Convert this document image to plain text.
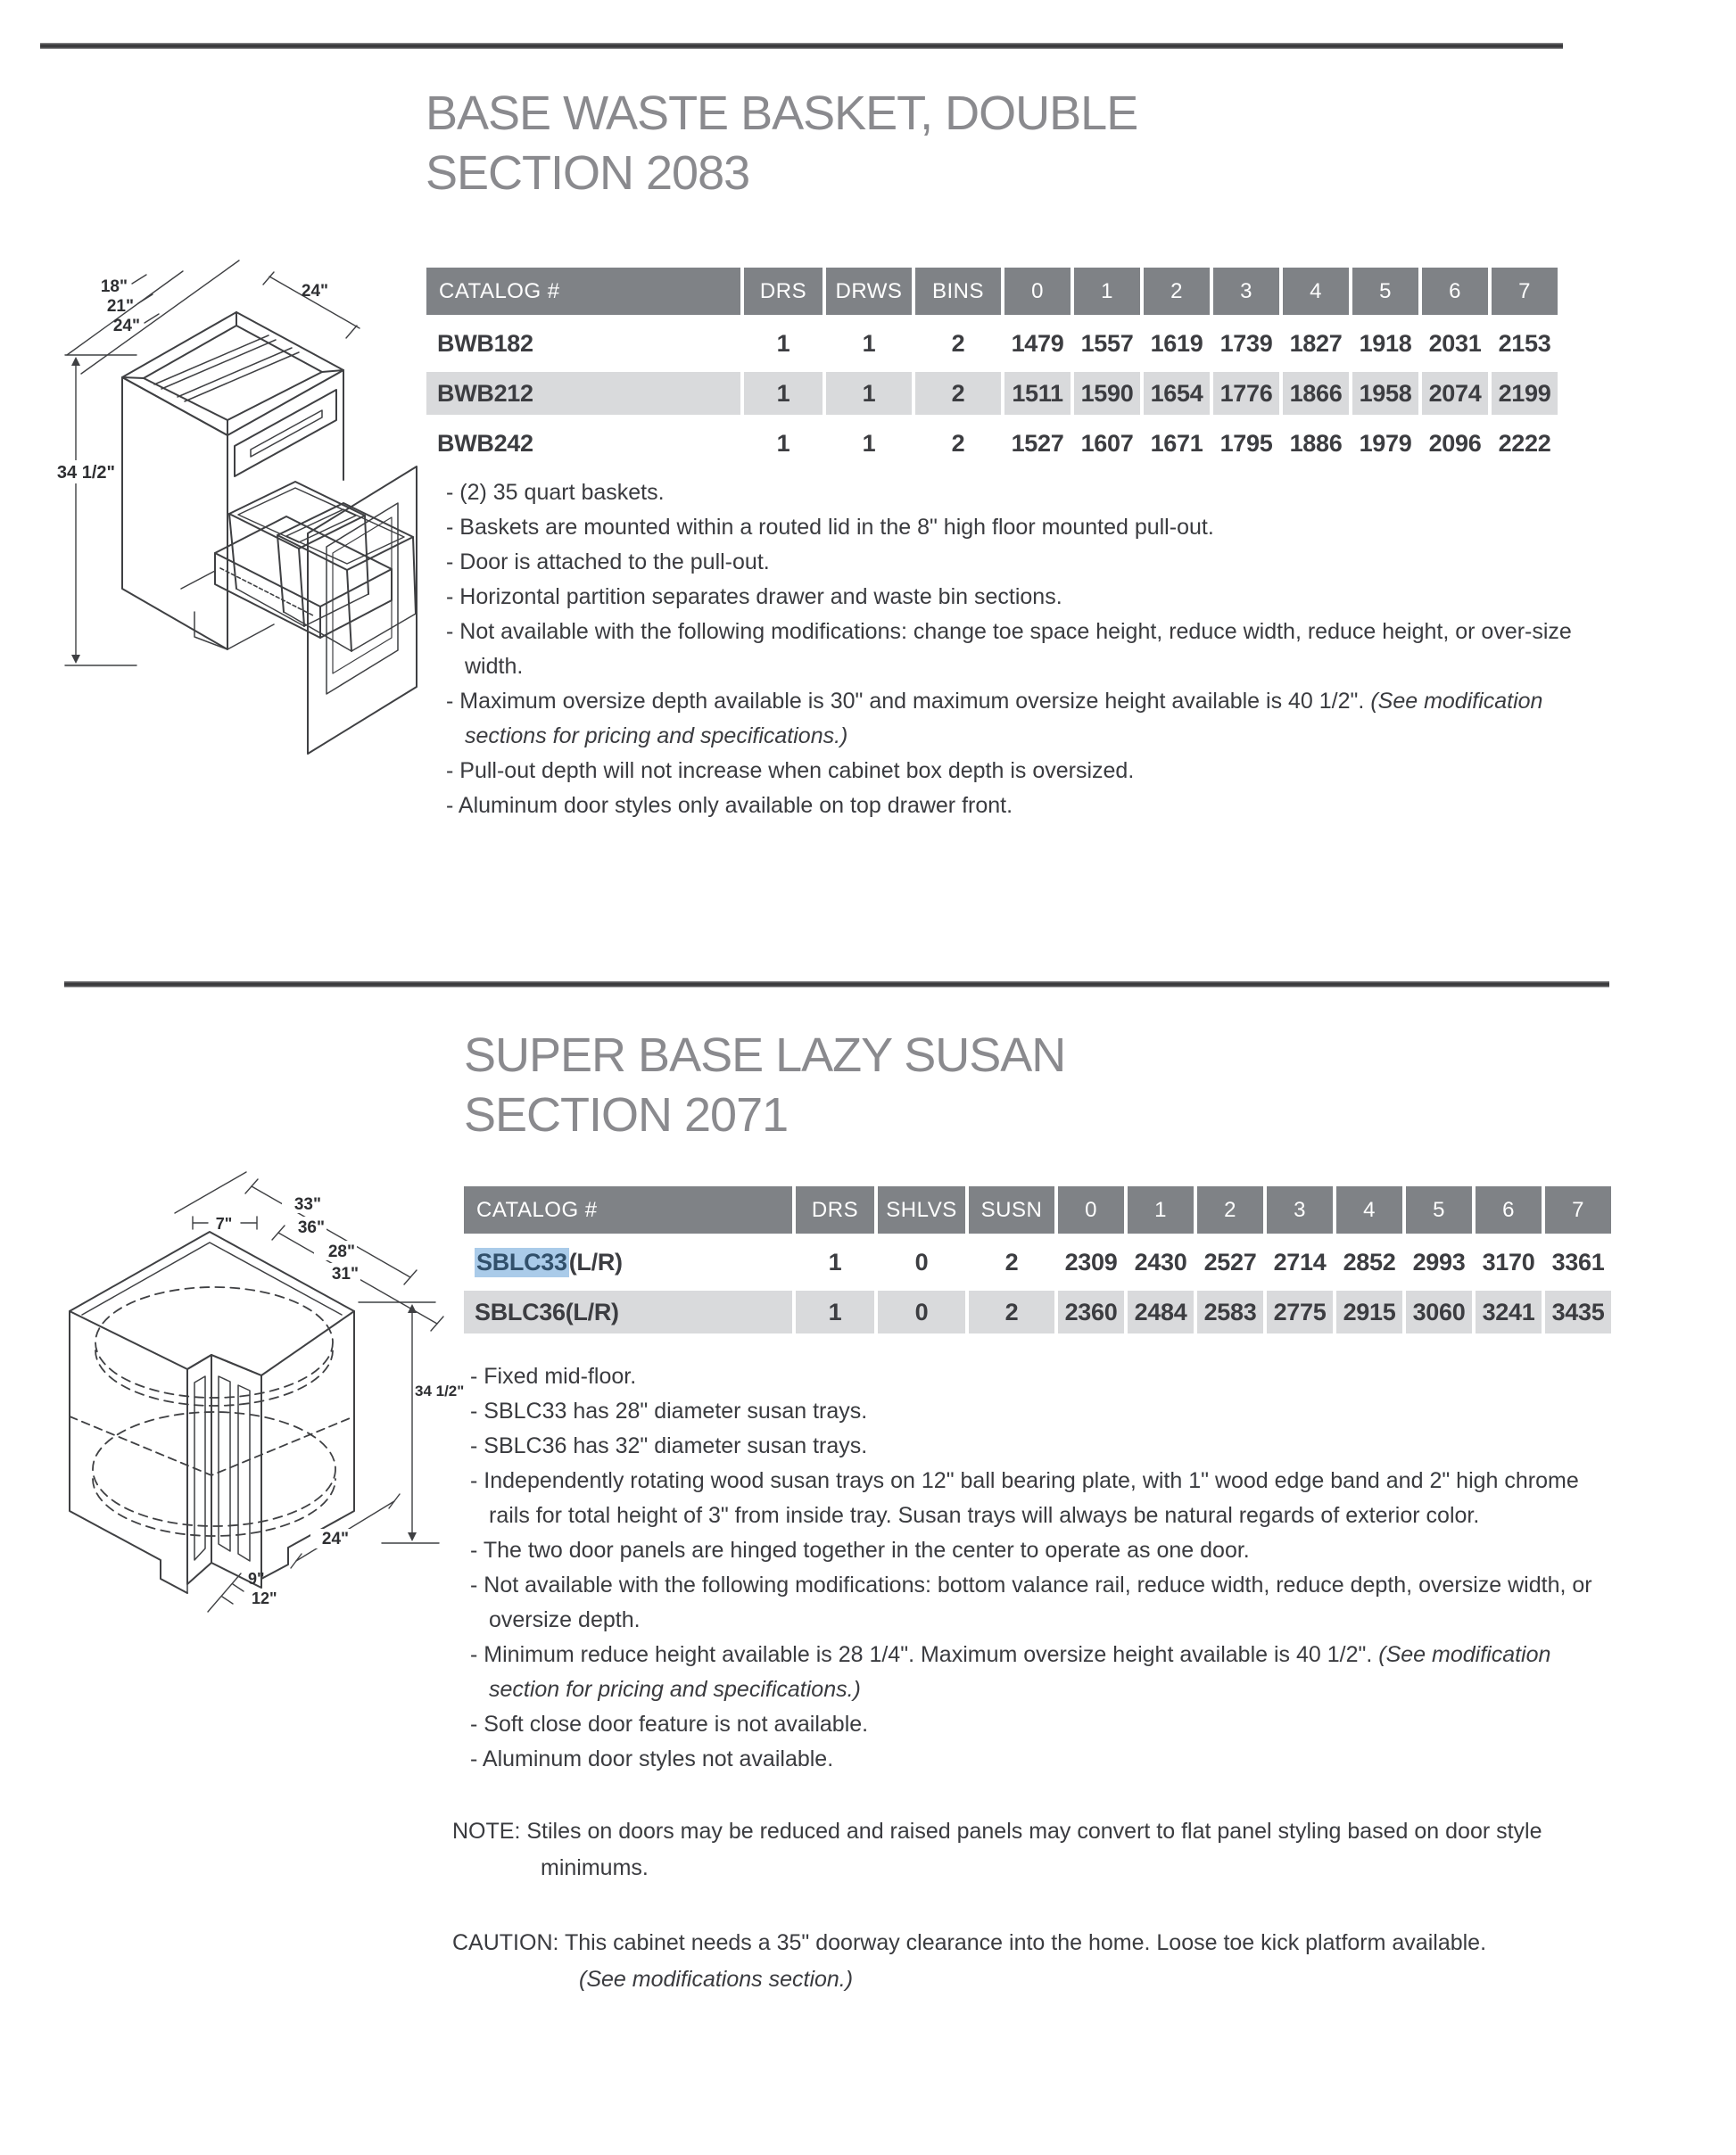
BASE WASTE BASKET, DOUBLE
SECTION 2083
18"
21"
24"
24"
34 1/2"
CATALOG #	DRS	DRWS	BINS	0	1	2	3	4	5	6	7
BWB182	1	1	2	1479 1557 1619 1739 1827 1918 2031 2153
BWB212	1	1	2	1511 1590 1654 1776 1866 1958 2074 2199
BWB242	1	1	2	1527 1607 1671 1795 1886 1979 2096 2222
- (2) 35 quart baskets.
- Baskets are mounted within a routed lid in the 8" high floor mounted pull-out.
- Door is attached to the pull-out.
- Horizontal partition separates drawer and waste bin sections.
- Not available with the following modifications: change toe space height, reduce width, reduce height, or over-size width.
- Maximum oversize depth available is 30" and maximum oversize height available is 40 1/2". (See modification sections for pricing and specifications.)
- Pull-out depth will not increase when cabinet box depth is oversized.
- Aluminum door styles only available on top drawer front.
SUPER BASE LAZY SUSAN
SECTION 2071
7"
33"
36"
28"
31"
34 1/2"
24"
9"
12"
CATALOG #	DRS	SHLVS	SUSN	0	1	2	3	4	5	6	7
SBLC33 (L/R)	1	0	2	2309 2430 2527 2714 2852 2993 3170 3361
SBLC36(L/R)	1	0	2	2360 2484 2583 2775 2915 3060 3241 3435
- Fixed mid-floor.
- SBLC33 has 28" diameter susan trays.
- SBLC36 has 32" diameter susan trays.
- Independently rotating wood susan trays on 12" ball bearing plate, with 1" wood edge band and 2" high chrome rails for total height of 3" from inside tray. Susan trays will always be natural regards of exterior color.
- The two door panels are hinged together in the center to operate as one door.
- Not available with the following modifications: bottom valance rail, reduce width, reduce depth, oversize width, or oversize depth.
- Minimum reduce height available is 28 1/4". Maximum oversize height available is 40 1/2". (See modification section for pricing and specifications.)
- Soft close door feature is not available.
- Aluminum door styles not available.
NOTE: Stiles on doors may be reduced and raised panels may convert to flat panel styling based on door style
minimums.
CAUTION: This cabinet needs a 35" doorway clearance into the home. Loose toe kick platform available.
(See modifications section.)
